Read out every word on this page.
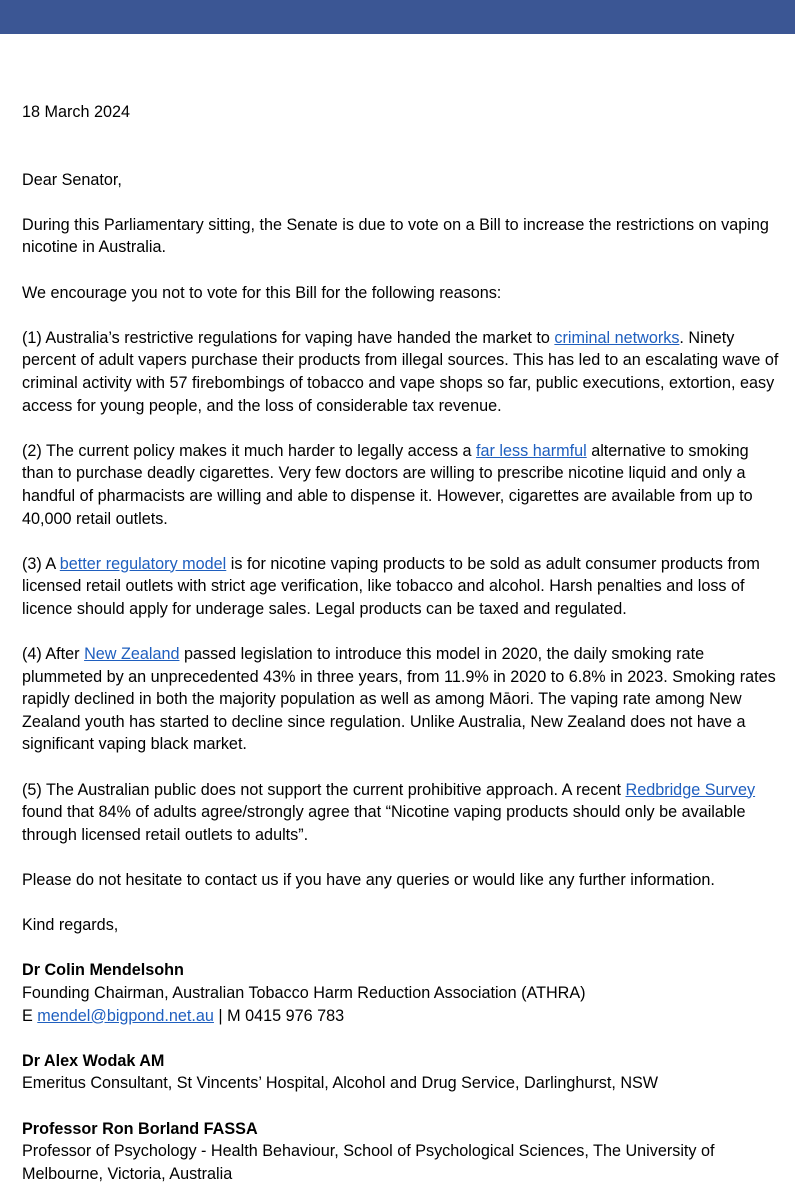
18 March 2024

Dear Senator,

During this Parliamentary sitting, the Senate is due to vote on a Bill to increase the restrictions on vaping nicotine in Australia.

We encourage you not to vote for this Bill for the following reasons:

(1) Australia’s restrictive regulations for vaping have handed the market to criminal networks. Ninety percent of adult vapers purchase their products from illegal sources. This has led to an escalating wave of criminal activity with 57 firebombings of tobacco and vape shops so far, public executions, extortion, easy access for young people, and the loss of considerable tax revenue.

(2) The current policy makes it much harder to legally access a far less harmful alternative to smoking than to purchase deadly cigarettes. Very few doctors are willing to prescribe nicotine liquid and only a handful of pharmacists are willing and able to dispense it. However, cigarettes are available from up to 40,000 retail outlets.

(3) A better regulatory model is for nicotine vaping products to be sold as adult consumer products from licensed retail outlets with strict age verification, like tobacco and alcohol. Harsh penalties and loss of licence should apply for underage sales. Legal products can be taxed and regulated.

(4) After New Zealand passed legislation to introduce this model in 2020, the daily smoking rate plummeted by an unprecedented 43% in three years, from 11.9% in 2020 to 6.8% in 2023. Smoking rates rapidly declined in both the majority population as well as among Māori. The vaping rate among New Zealand youth has started to decline since regulation. Unlike Australia, New Zealand does not have a significant vaping black market.

(5) The Australian public does not support the current prohibitive approach. A recent Redbridge Survey found that 84% of adults agree/strongly agree that “Nicotine vaping products should only be available through licensed retail outlets to adults”.

Please do not hesitate to contact us if you have any queries or would like any further information.

Kind regards,

Dr Colin Mendelsohn

Founding Chairman, Australian Tobacco Harm Reduction Association (ATHRA)

E mendel@bigpond.net.au | M 0415 976 783

Dr Alex Wodak AM

Emeritus Consultant, St Vincents’ Hospital, Alcohol and Drug Service, Darlinghurst, NSW

Professor Ron Borland FASSA

Professor of Psychology - Health Behaviour, School of Psychological Sciences, The University of Melbourne, Victoria, Australia
